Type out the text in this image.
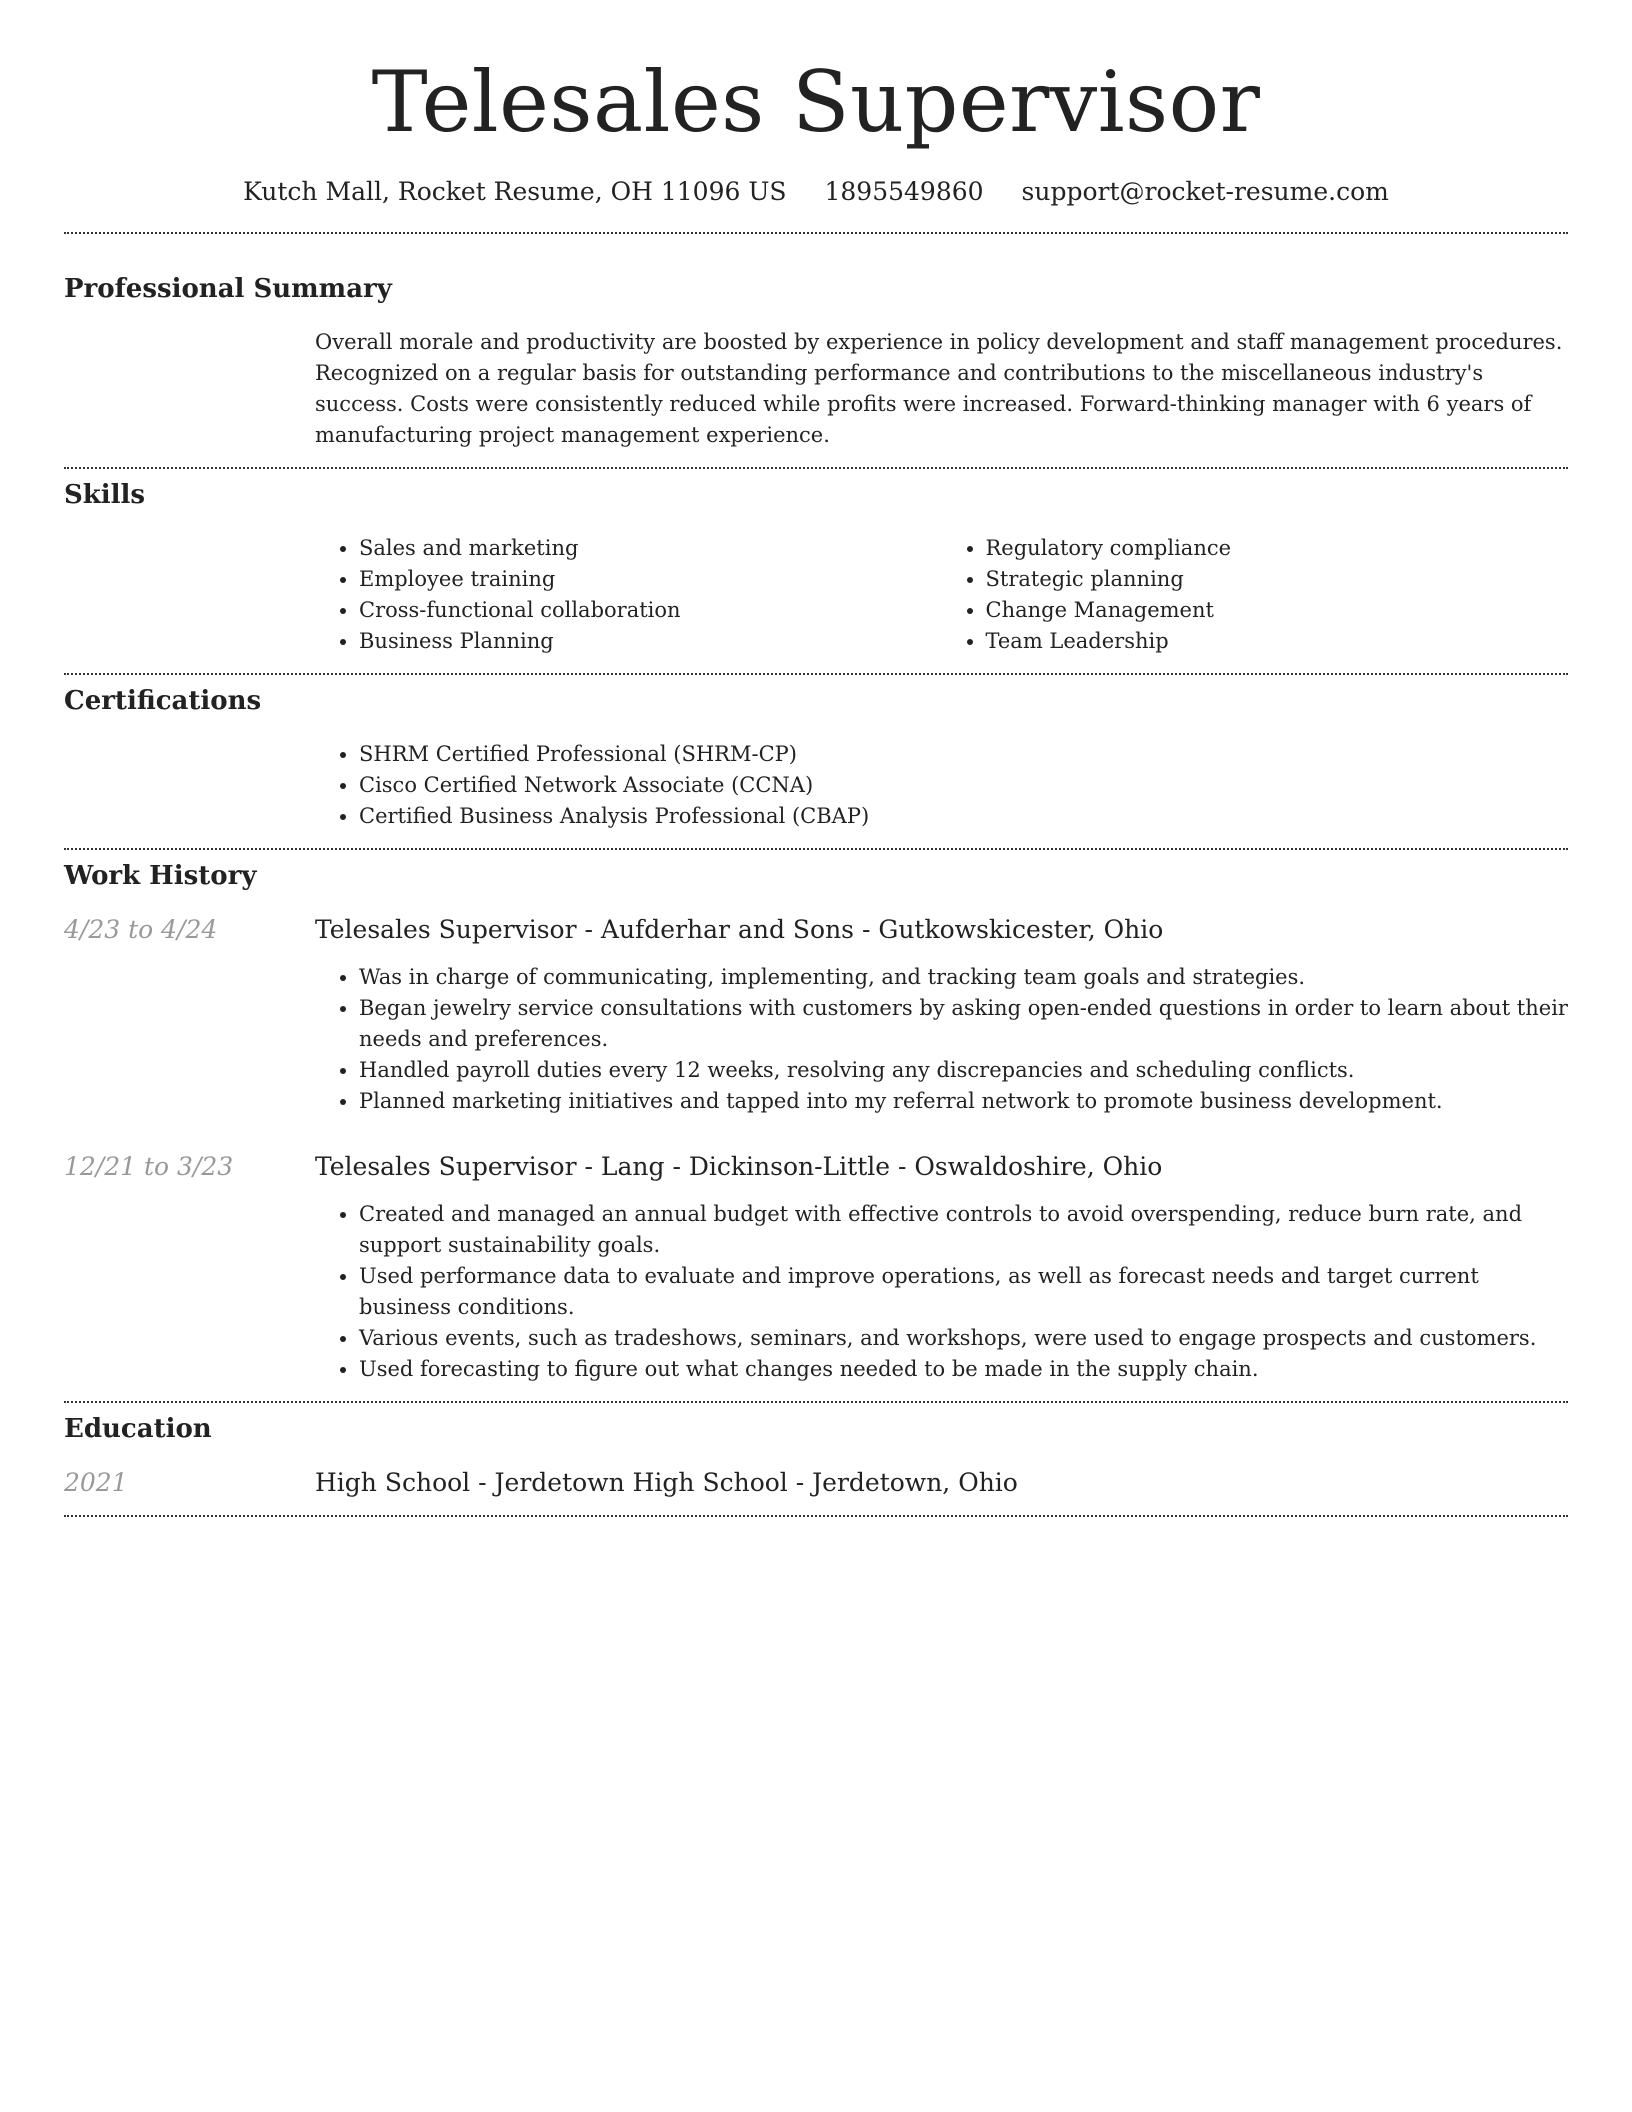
Telesales Supervisor
Kutch Mall, Rocket Resume, OH 11096 US 1895549860 support@rocket-resume.com
Professional Summary
Overall morale and productivity are boosted by experience in policy development and staff management procedures. Recognized on a regular basis for outstanding performance and contributions to the miscellaneous industry's success. Costs were consistently reduced while profits were increased. Forward-thinking manager with 6 years of manufacturing project management experience.
Skills
• Sales and marketing
• Employee training
• Cross-functional collaboration
• Business Planning
• Regulatory compliance
• Strategic planning
• Change Management
• Team Leadership
Certifications
• SHRM Certified Professional (SHRM-CP)
• Cisco Certified Network Associate (CCNA)
• Certified Business Analysis Professional (CBAP)
Work History
4/23 to 4/24	Telesales Supervisor - Aufderhar and Sons - Gutkowskicester, Ohio
• Was in charge of communicating, implementing, and tracking team goals and strategies.
• Began jewelry service consultations with customers by asking open-ended questions in order to learn about their needs and preferences.
• Handled payroll duties every 12 weeks, resolving any discrepancies and scheduling conflicts.
• Planned marketing initiatives and tapped into my referral network to promote business development.
12/21 to 3/23	Telesales Supervisor - Lang - Dickinson-Little - Oswaldoshire, Ohio
• Created and managed an annual budget with effective controls to avoid overspending, reduce burn rate, and support sustainability goals.
• Used performance data to evaluate and improve operations, as well as forecast needs and target current business conditions.
• Various events, such as tradeshows, seminars, and workshops, were used to engage prospects and customers.
• Used forecasting to figure out what changes needed to be made in the supply chain.
Education
2021	High School - Jerdetown High School - Jerdetown, Ohio
